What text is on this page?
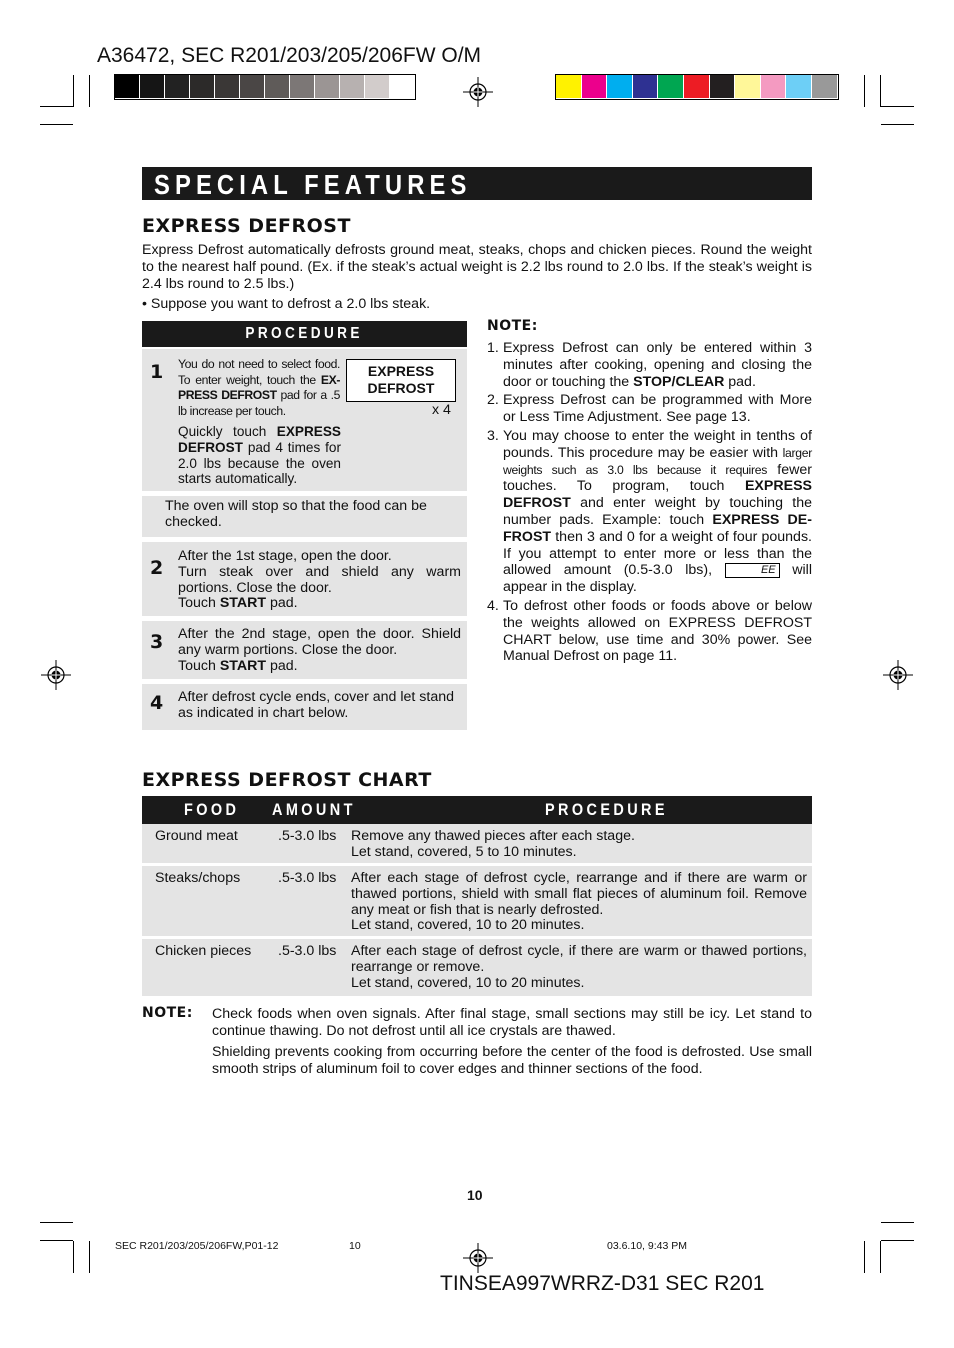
A36472, SEC R201/203/205/206FW O/M
SPECIAL FEATURES
EXPRESS DEFROST
Express Defrost automatically defrosts ground meat, steaks, chops and chicken pieces. Round the weight to the nearest half pound. (Ex. if the steak’s actual weight is 2.2 lbs round to 2.0 lbs. If the steak’s weight is 2.4 lbs round to 2.5 lbs.)
• Suppose you want to defrost a 2.0 lbs steak.
PROCEDURE
1 You do not need to select food. To enter weight, touch the EX-PRESS DEFROST pad for a .5 lb increase per touch.
Quickly touch EXPRESS DEFROST pad 4 times for 2.0 lbs because the oven starts automatically.
x 4
EXPRESS
DEFROST
The oven will stop so that the food can be checked.
2
After the 1st stage, open the door.
Turn steak over and shield any warm portions. Close the door.
Touch START pad.
3 After the 2nd stage, open the door. Shield any warm portions. Close the door.
Touch START pad.
4 After defrost cycle ends, cover and let stand as indicated in chart below.
NOTE:
1. Express Defrost can only be entered within 3 minutes after cooking, opening and closing the door or touching the STOP/CLEAR pad.
2. Express Defrost can be programmed with More or Less Time Adjustment. See page 13.
3. You may choose to enter the weight in tenths of pounds. This procedure may be easier with larger weights such as 3.0 lbs because it requires fewer touches. To program, touch EXPRESS DEFROST and enter weight by touching the number pads. Example: touch EXPRESS DE-FROST then 3 and 0 for a weight of four pounds. If you attempt to enter more or less than the allowed amount (0.5-3.0 lbs),	EE will appear in the display.
4. To defrost other foods or foods above or below the weights allowed on EXPRESS DEFROST CHART below, use time and 30% power. See Manual Defrost on page 11.
EXPRESS DEFROST CHART
FOOD AMOUNT	PROCEDURE
Ground meat	.5-3.0 lbs Remove any thawed pieces after each stage.
Let stand, covered, 5 to 10 minutes.
Steaks/chops	.5-3.0 lbs After each stage of defrost cycle, rearrange and if there are warm or thawed portions, shield with small flat pieces of aluminum foil. Remove any meat or fish that is nearly defrosted.
Let stand, covered, 10 to 20 minutes.
Chicken pieces .5-3.0 lbs After each stage of defrost cycle, if there are warm or thawed portions, rearrange or remove.
Let stand, covered, 10 to 20 minutes.
NOTE: Check foods when oven signals. After final stage, small sections may still be icy. Let stand to continue thawing. Do not defrost until all ice crystals are thawed.
Shielding prevents cooking from occurring before the center of the food is defrosted. Use small smooth strips of aluminum foil to cover edges and thinner sections of the food.
10
SEC R201/203/205/206FW,P01-12	10	03.6.10, 9:43 PM
TINSEA997WRRZ-D31 SEC R201
